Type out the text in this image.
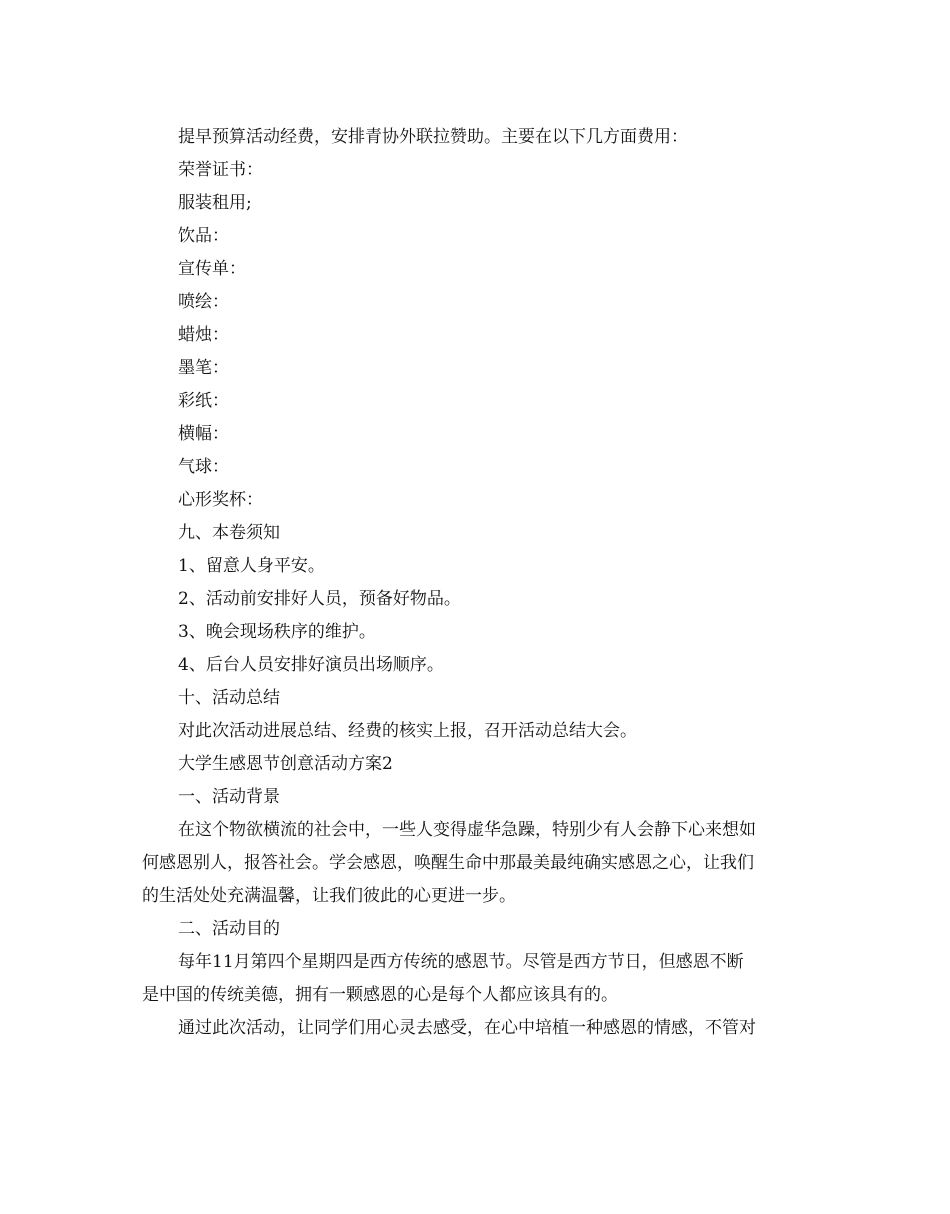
提早预算活动经费，安排青协外联拉赞助。主要在以下几方面费用：
荣誉证书：
服装租用;
饮品：
宣传单：
喷绘：
蜡烛：
墨笔：
彩纸：
横幅：
气球：
心形奖杯：
九、本卷须知
1、留意人身平安。
2、活动前安排好人员，预备好物品。
3、晚会现场秩序的维护。
4、后台人员安排好演员出场顺序。
十、活动总结
对此次活动进展总结、经费的核实上报，召开活动总结大会。
大学生感恩节创意活动方案2
一、活动背景
在这个物欲横流的社会中，一些人变得虚华急躁，特别少有人会静下心来想如
何感恩别人，报答社会。学会感恩，唤醒生命中那最美最纯确实感恩之心，让我们
的生活处处充满温馨，让我们彼此的心更进一步。
二、活动目的
每年11月第四个星期四是西方传统的感恩节。尽管是西方节日，但感恩不断
是中国的传统美德，拥有一颗感恩的心是每个人都应该具有的。
通过此次活动，让同学们用心灵去感受，在心中培植一种感恩的情感，不管对
